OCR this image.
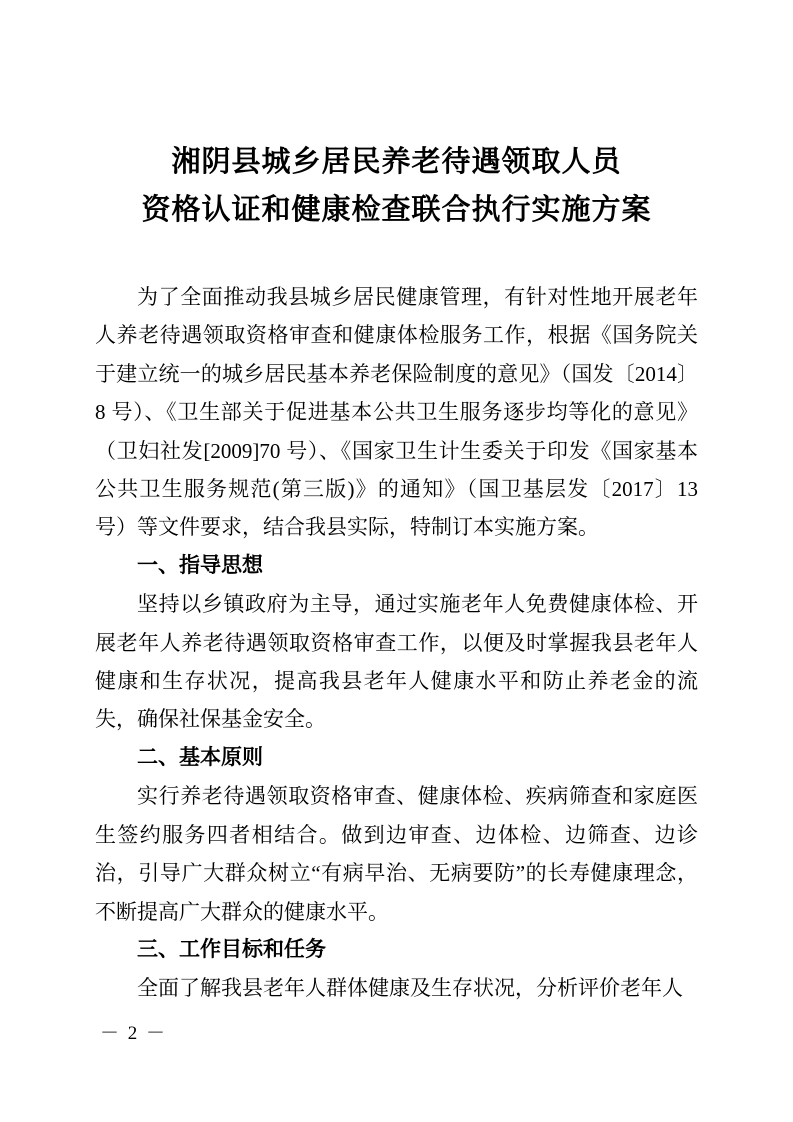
湘阴县城乡居民养老待遇领取人员
资格认证和健康检查联合执行实施方案

为了全面推动我县城乡居民健康管理，有针对性地开展老年人养老待遇领取资格审查和健康体检服务工作，根据《国务院关于建立统一的城乡居民基本养老保险制度的意见》（国发〔2014〕8 号）、《卫生部关于促进基本公共卫生服务逐步均等化的意见》（卫妇社发[2009]70 号）、《国家卫生计生委关于印发《国家基本公共卫生服务规范(第三版)》的通知》（国卫基层发〔2017〕13 号）等文件要求，结合我县实际，特制订本实施方案。

一、指导思想

坚持以乡镇政府为主导，通过实施老年人免费健康体检、开展老年人养老待遇领取资格审查工作，以便及时掌握我县老年人健康和生存状况，提高我县老年人健康水平和防止养老金的流失，确保社保基金安全。

二、基本原则

实行养老待遇领取资格审查、健康体检、疾病筛查和家庭医生签约服务四者相结合。做到边审查、边体检、边筛查、边诊治，引导广大群众树立“有病早治、无病要防”的长寿健康理念，不断提高广大群众的健康水平。

三、工作目标和任务

全面了解我县老年人群体健康及生存状况，分析评价老年人

－ 2 －
